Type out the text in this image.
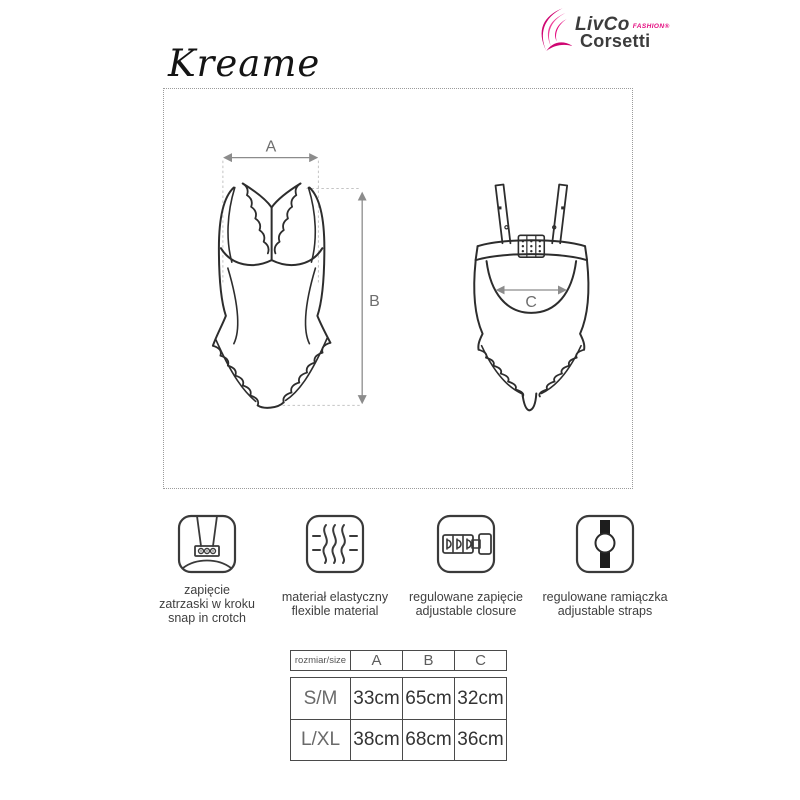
LivCo FASHION®
Corsetti
Kreame
A
B	C
zapięcie
zatrzaski w kroku
snap in crotch
materiał elastyczny
flexible material
regulowane zapięcie
adjustable closure
regulowane ramiączka
adjustable straps
rozmiar/size	A	B	C
S/M 33cm 65cm 32cm
L/XL 38cm 68cm 36cm
